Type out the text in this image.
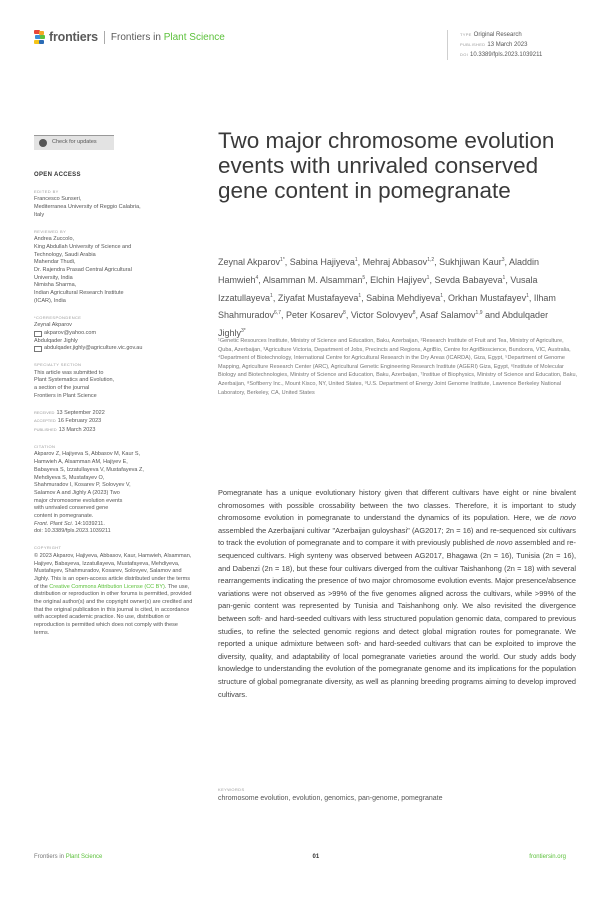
frontiers Frontiers in Plant Science	TYPE Original Research
PUBLISHED 13 March 2023
DOI 10.3389/fpls.2023.1039211
Check for updates
OPEN ACCESS
EDITED BY
Francesco Sunseri,
Mediterranea University of Reggio Calabria,
Italy
REVIEWED BY
Andrea Zuccolo,
King Abdullah University of Science and
Technology, Saudi Arabia
Mahendar Thudi,
Dr. Rajendra Prasad Central Agricultural
University, India
Nimisha Sharma,
Indian Agricultural Research Institute
(ICAR), India
*CORRESPONDENCE
Zeynal Akparov
akparov@yahoo.com
Abdulqader Jighly
abdulqader.jighly@agriculture.vic.gov.au
SPECIALTY SECTION
This article was submitted to
Plant Systematics and Evolution,
a section of the journal
Frontiers in Plant Science
RECEIVED 13 September 2022
ACCEPTED 16 February 2023
PUBLISHED 13 March 2023
CITATION
Akparov Z, Hajiyeva S, Abbasov M, Kaur S,
Hamwieh A, Alsamman AM, Hajiyev E,
Babayeva S, Izzatullayeva V, Mustafayeva Z,
Mehdiyeva S, Mustafayev O,
Shahmuradov I, Kosarev P, Solovyev V,
Salamov A and Jighly A (2023) Two
major chromosome evolution events
with unrivaled conserved gene
content in pomegranate.
Front. Plant Sci. 14:1039211.
doi: 10.3389/fpls.2023.1039211
COPYRIGHT
© 2023 Akparov, Hajiyeva, Abbasov, Kaur, Hamwieh, Alsamman, Hajiyev, Babayeva, Izzatullayeva, Mustafayeva, Mehdiyeva, Mustafayev, Shahmuradov, Kosarev, Solovyev, Salamov and Jighly. This is an open-access article distributed under the terms of the Creative Commons Attribution License (CC BY). The use, distribution or reproduction in other forums is permitted, provided the original author(s) and the copyright owner(s) are credited and that the original publication in this journal is cited, in accordance with accepted academic practice. No use, distribution or reproduction is permitted which does not comply with these terms.
Two major chromosome evolution events with unrivaled conserved gene content in pomegranate
Zeynal Akparov$^{1*}$, Sabina Hajiyeva$^1$, Mehraj Abbasov$^{1,2}$, Sukhjiwan Kaur$^3$, Aladdin Hamwieh$^4$, Alsamman M. Alsamman$^5$, Elchin Hajiyev$^1$, Sevda Babayeva$^1$, Vusala Izzatullayeva$^1$, Ziyafat Mustafayeva$^1$, Sabina Mehdiyeva$^1$, Orkhan Mustafayev$^1$, Ilham Shahmuradov$^{6,7}$, Peter Kosarev$^8$, Victor Solovyev$^8$, Asaf Salamov$^{1,9}$ and Abdulqader Jighly$^{3*}$
¹Genetic Resources Institute, Ministry of Science and Education, Baku, Azerbaijan, ²Research Institute of Fruit and Tea, Ministry of Agriculture, Quba, Azerbaijan, ³Agriculture Victoria, Department of Jobs, Precincts and Regions, AgriBio, Centre for AgriBioscience, Bundoora, VIC, Australia, ⁴Department of Biotechnology, International Centre for Agricultural Research in the Dry Areas (ICARDA), Giza, Egypt, ⁵Department of Genome Mapping, Agriculture Research Center (ARC), Agricultural Genetic Engineering Research Institute (AGERI) Giza, Egypt, ⁶Institute of Molecular Biology and Biotechnologies, Ministry of Science and Education, Baku, Azerbaijan, ⁷Institue of Biophysics, Ministry of Science and Education, Baku, Azerbaijan, ⁸Softberry Inc., Mount Kisco, NY, United States, ⁹U.S. Department of Energy Joint Genome Institute, Lawrence Berkeley National Laboratory, Berkeley, CA, United States
Pomegranate has a unique evolutionary history given that different cultivars have eight or nine bivalent chromosomes with possible crossability between the two classes. Therefore, it is important to study chromosome evolution in pomegranate to understand the dynamics of its population. Here, we de novo assembled the Azerbaijani cultivar "Azerbaijan guloyshasi" (AG2017; 2n = 16) and re-sequenced six cultivars to track the evolution of pomegranate and to compare it with previously published de novo assembled and re-sequenced cultivars. High synteny was observed between AG2017, Bhagawa (2n = 16), Tunisia (2n = 16), and Dabenzi (2n = 18), but these four cultivars diverged from the cultivar Taishanhong (2n = 18) with several rearrangements indicating the presence of two major chromosome evolution events. Major presence/absence variations were not observed as >99% of the five genomes aligned across the cultivars, while >99% of the pan-genic content was represented by Tunisia and Taishanhong only. We also revisited the divergence between soft- and hard-seeded cultivars with less structured population genomic data, compared to previous studies, to refine the selected genomic regions and detect global migration routes for pomegranate. We reported a unique admixture between soft- and hard-seeded cultivars that can be exploited to improve the diversity, quality, and adaptability of local pomegranate varieties around the world. Our study adds body knowledge to understanding the evolution of the pomegranate genome and its implications for the population structure of global pomegranate diversity, as well as planning breeding programs aiming to develop improved cultivars.
KEYWORDS
chromosome evolution, evolution, genomics, pan-genome, pomegranate
Frontiers in Plant Science	01	frontiersin.org
